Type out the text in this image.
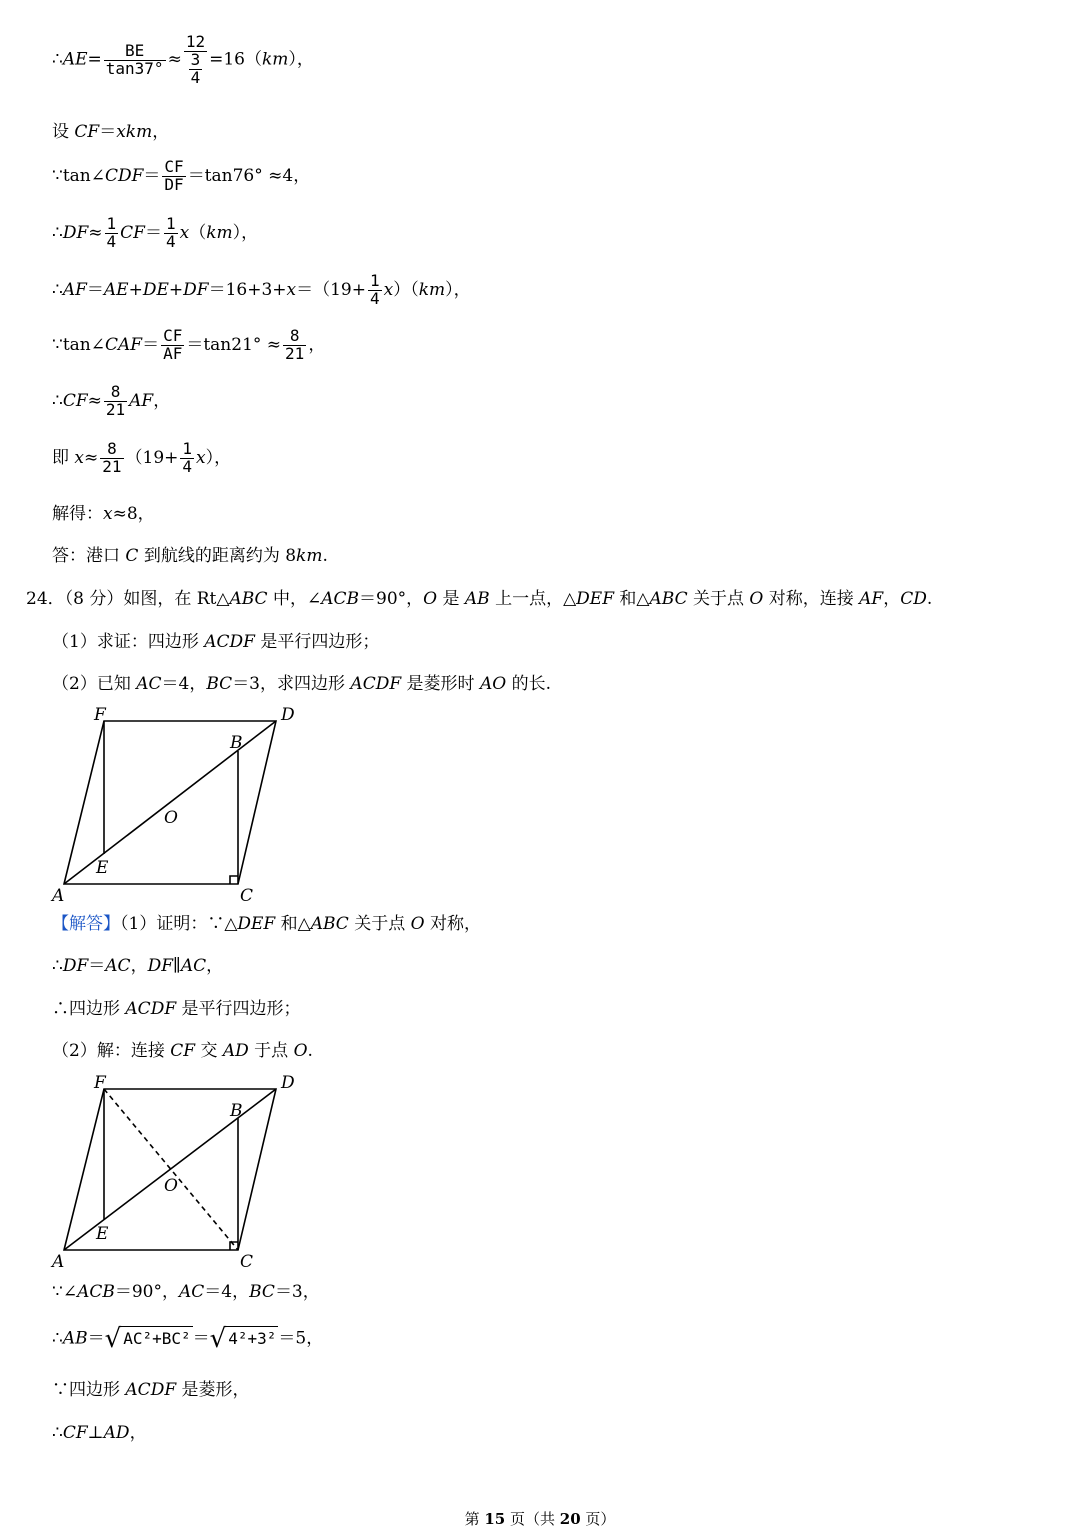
∴AE= $\frac{BE}{\tan 37^\circ} \approx \frac{12}{\frac{3}{4}} =16(km)$，
设 CF＝xkm，
∵tan∠CDF＝ $\frac{CF}{DF} =\tan 76^\circ \approx 4$，
∴DF≈ $\frac{1}{4} CF= \frac{1}{4} x(km)$，
∴AF＝AE+DE+DF＝16+3+x＝（19+ $\frac{1}{4} x)(km)$，
∵tan∠CAF＝ $\frac{CF}{AF} =\tan 21^\circ \approx \frac{8}{21}$ ，
∴CF≈ $\frac{8}{21}$ AF，
即 $x\approx \frac{8}{21} (19+ \frac{1}{4} x)$，
解得：x≈8，
答：港口 C 到航线的距离约为 8km.
24．（8 分）如图，在 Rt△ABC 中，∠ACB＝90°，O 是 AB 上一点，△DEF 和△ABC 关于点 O 对称，连接 AF，CD.
（1）求证：四边形 ACDF 是平行四边形；
（2）已知 AC＝4，BC＝3，求四边形 ACDF 是菱形时 AO 的长.
F	D
B
O
E
A	C
【解答】（1）证明：∵△DEF 和△ABC 关于点 O 对称，
∴DF＝AC，DF∥AC，
∴四边形 ACDF 是平行四边形；
（2）解：连接 CF 交 AD 于点 O.
F	D
B
O
E
A	C
∵∠ACB＝90°，AC＝4，BC＝3，
∴AB＝√ AC²+BC² ＝√ 4²+3² ＝5，
∵四边形 ACDF 是菱形，
∴CF⊥AD，
第 15 页（共 20 页）
